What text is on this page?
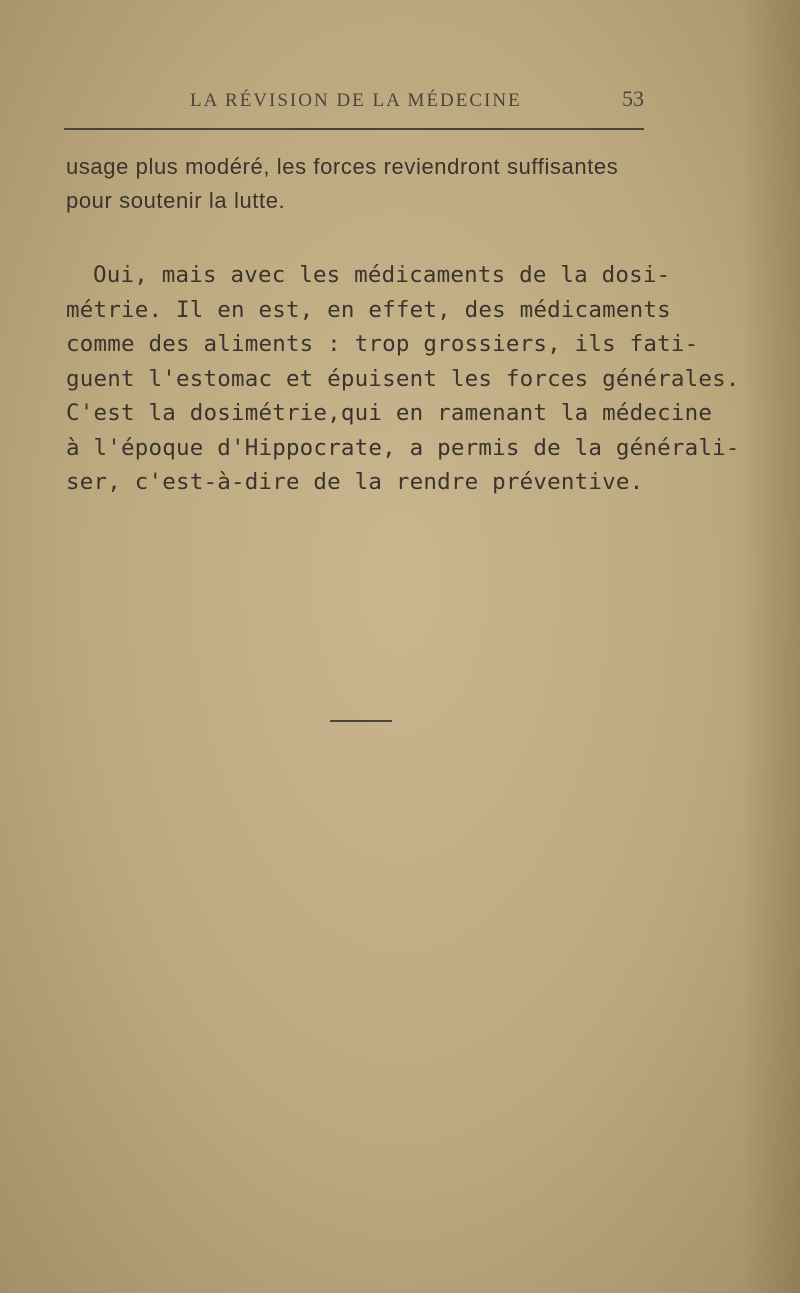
LA RÉVISION DE LA MÉDECINE	53
usage plus modéré, les forces reviendront suffisantes
pour soutenir la lutte.
Oui, mais avec les médicaments de la dosi-
métrie. Il en est, en effet, des médicaments
comme des aliments : trop grossiers, ils fati-
guent l'estomac et épuisent les forces générales.
C'est la dosimétrie,qui en ramenant la médecine
à l'époque d'Hippocrate, a permis de la générali-
ser, c'est-à-dire de la rendre préventive.
